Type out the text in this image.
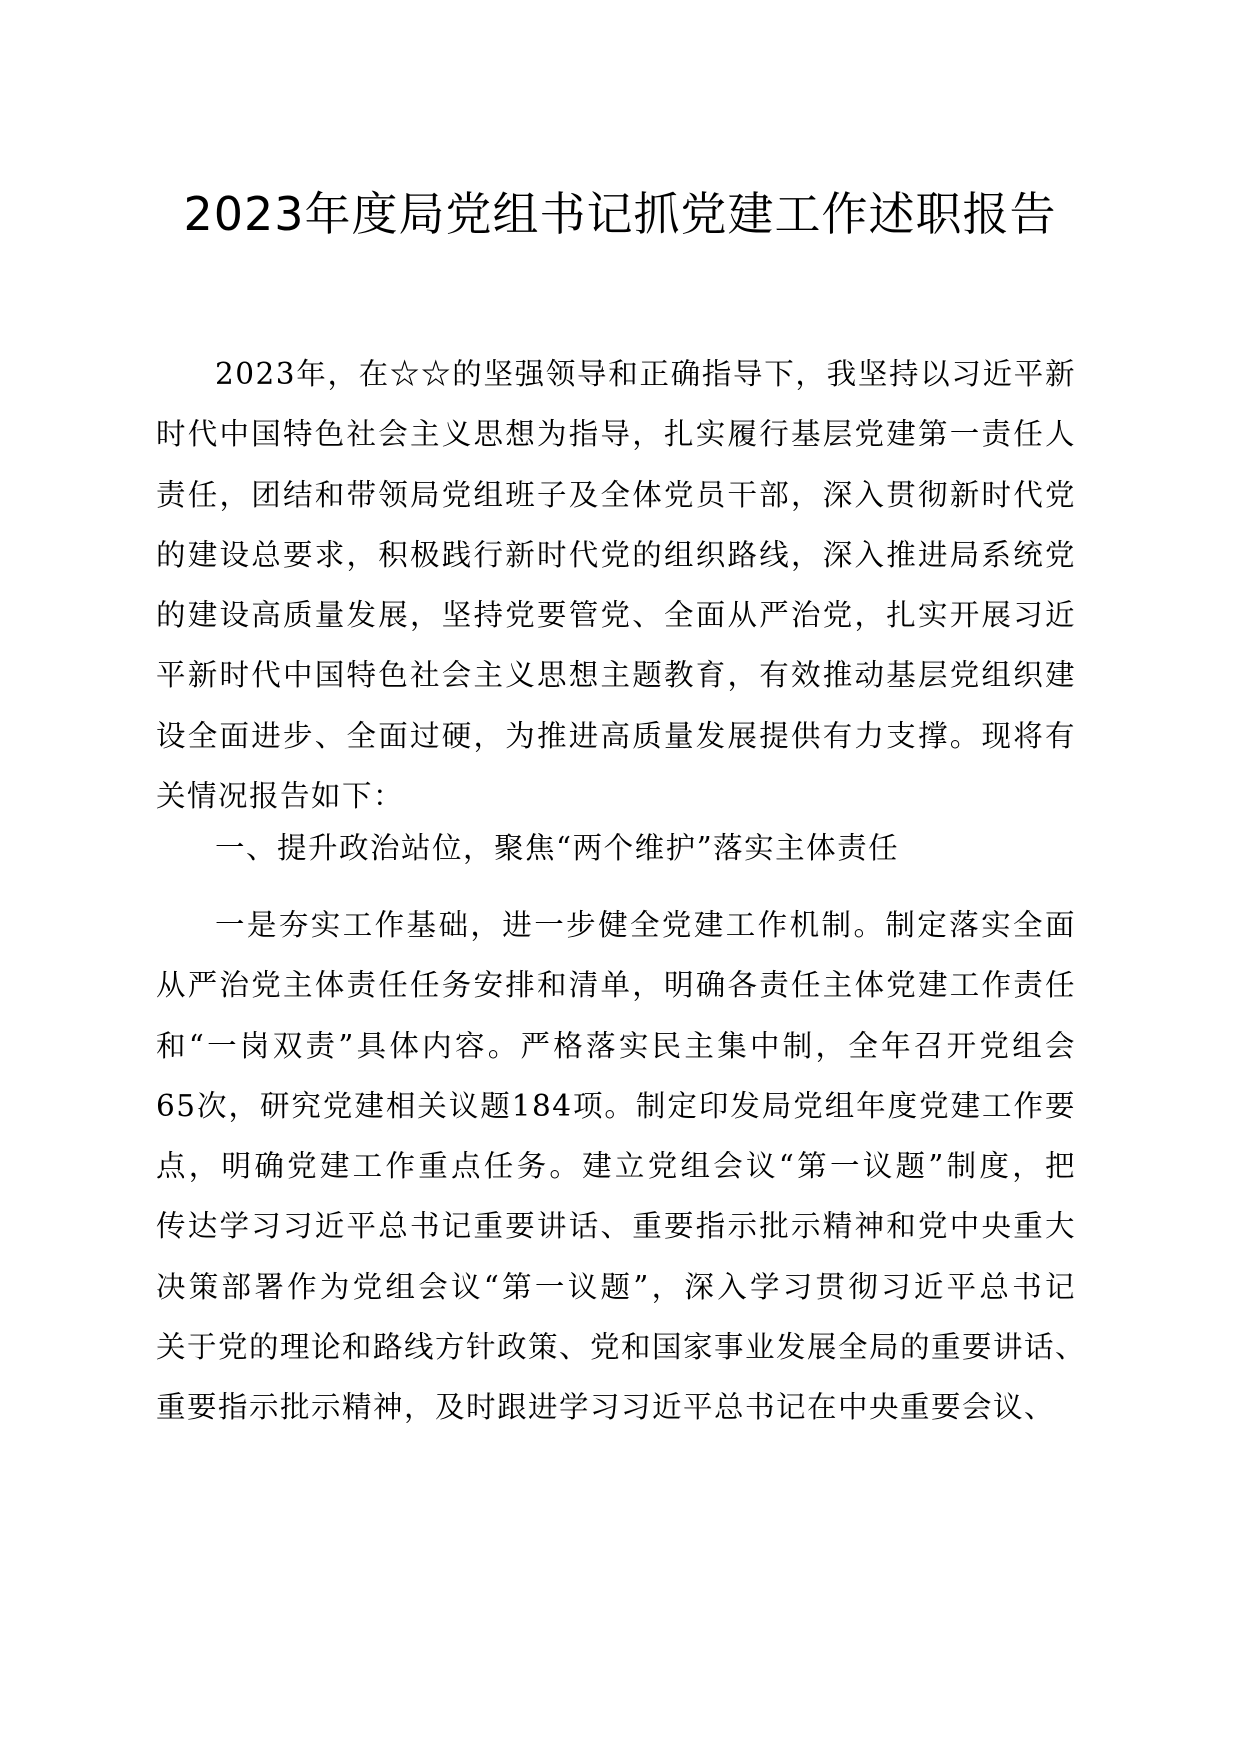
2023年度局党组书记抓党建工作述职报告
2023年，在☆☆的坚强领导和正确指导下，我坚持以习近平新
时代中国特色社会主义思想为指导，扎实履行基层党建第一责任人
责任，团结和带领局党组班子及全体党员干部，深入贯彻新时代党
的建设总要求，积极践行新时代党的组织路线，深入推进局系统党
的建设高质量发展，坚持党要管党、全面从严治党，扎实开展习近
平新时代中国特色社会主义思想主题教育，有效推动基层党组织建
设全面进步、全面过硬，为推进高质量发展提供有力支撑。现将有
关情况报告如下：
一、提升政治站位，聚焦“两个维护”落实主体责任
一是夯实工作基础，进一步健全党建工作机制。制定落实全面
从严治党主体责任任务安排和清单，明确各责任主体党建工作责任
和“一岗双责”具体内容。严格落实民主集中制，全年召开党组会
65次，研究党建相关议题184项。制定印发局党组年度党建工作要
点，明确党建工作重点任务。建立党组会议“第一议题”制度，把
传达学习习近平总书记重要讲话、重要指示批示精神和党中央重大
决策部署作为党组会议“第一议题”，深入学习贯彻习近平总书记
关于党的理论和路线方针政策、党和国家事业发展全局的重要讲话、
重要指示批示精神，及时跟进学习习近平总书记在中央重要会议、
